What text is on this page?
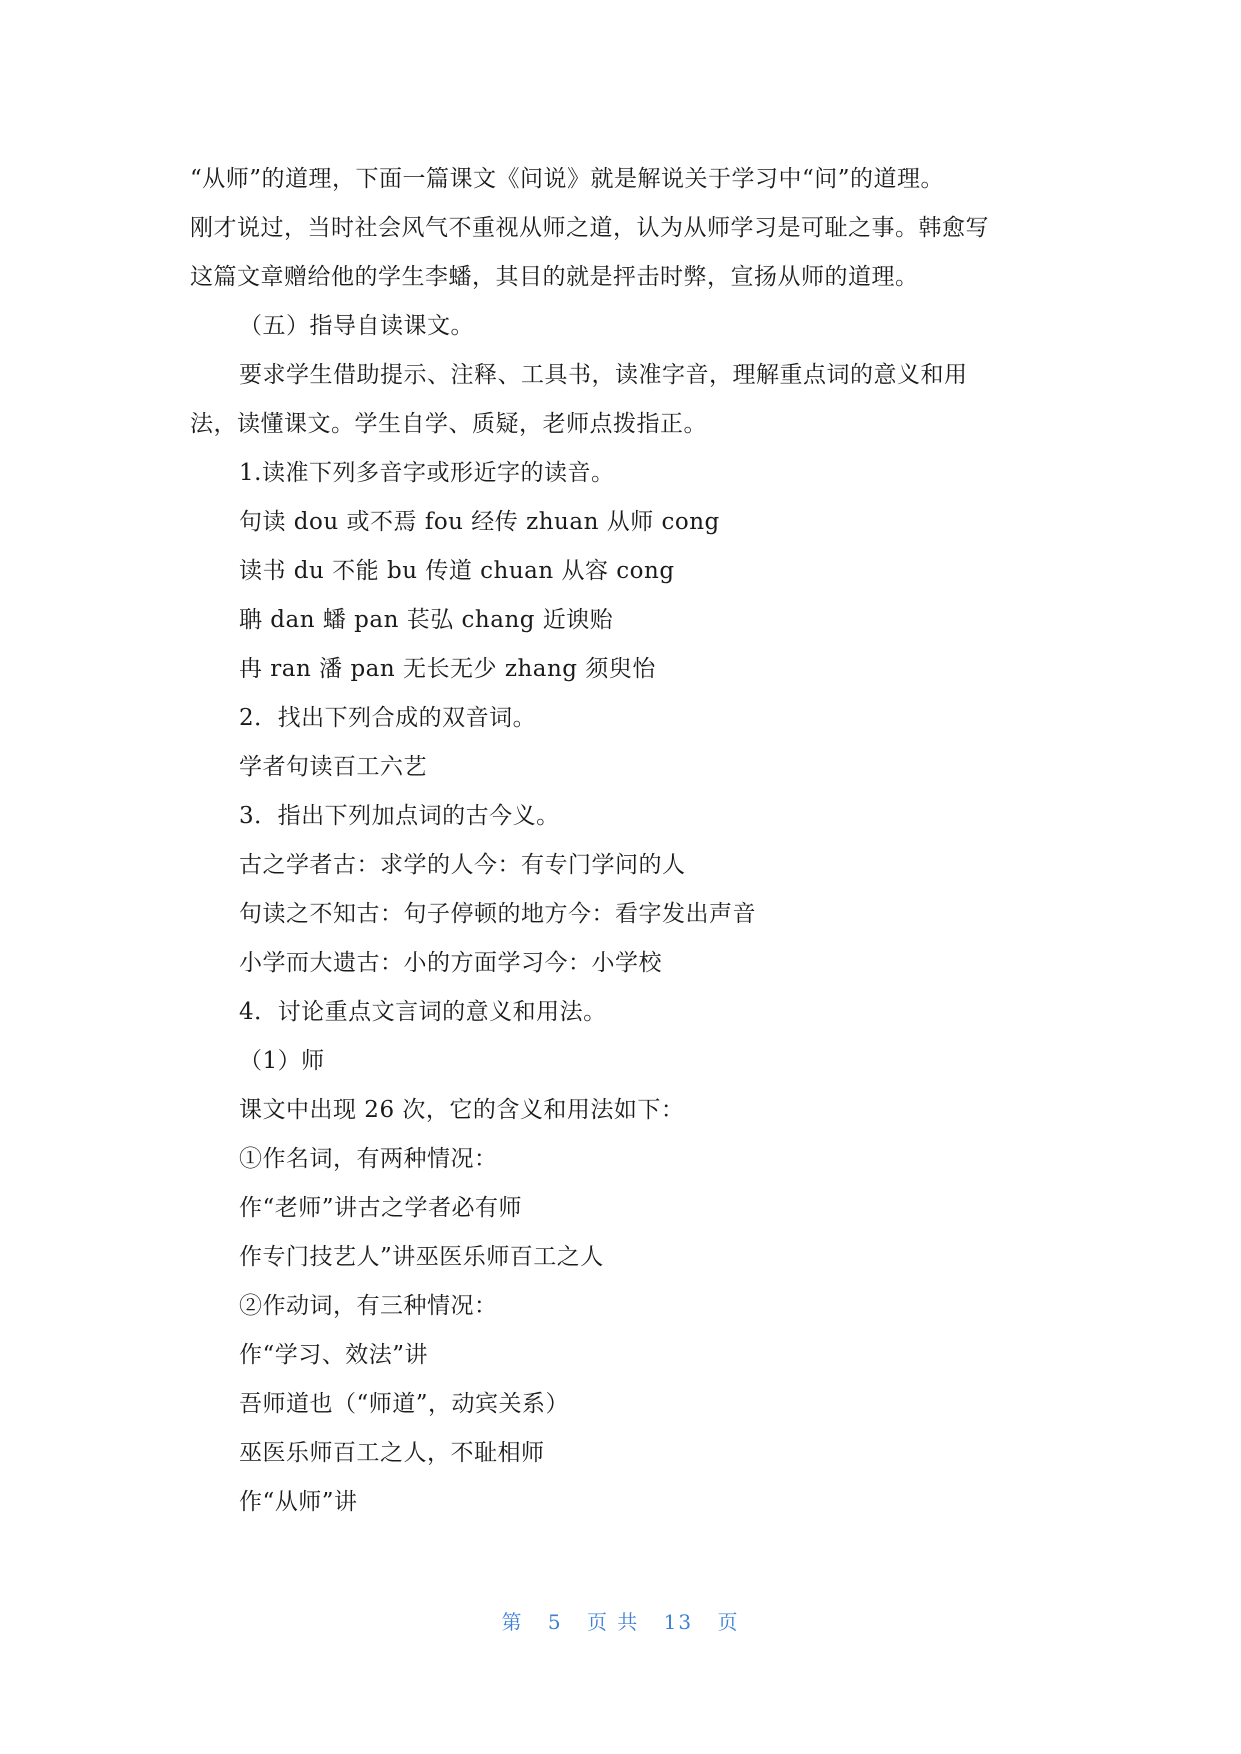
“从师”的道理，下面一篇课文《问说》就是解说关于学习中“问”的道理。
刚才说过，当时社会风气不重视从师之道，认为从师学习是可耻之事。韩愈写
这篇文章赠给他的学生李蟠，其目的就是抨击时弊，宣扬从师的道理。
（五）指导自读课文。
要求学生借助提示、注释、工具书，读准字音，理解重点词的意义和用
法，读懂课文。学生自学、质疑，老师点拨指正。
1.读准下列多音字或形近字的读音。
句读 dou 或不焉 fou 经传 zhuan 从师 cong
读书 du 不能 bu 传道 chuan 从容 cong
聃 dan 蟠 pan 苌弘 chang 近谀贻
冉 ran 潘 pan 无长无少 zhang 须臾怡
2．找出下列合成的双音词。
学者句读百工六艺
3．指出下列加点词的古今义。
古之学者古：求学的人今：有专门学问的人
句读之不知古：句子停顿的地方今：看字发出声音
小学而大遗古：小的方面学习今：小学校
4．讨论重点文言词的意义和用法。
（1）师
课文中出现 26 次，它的含义和用法如下：
①作名词，有两种情况：
作“老师”讲古之学者必有师
作专门技艺人”讲巫医乐师百工之人
②作动词，有三种情况：
作“学习、效法”讲
吾师道也（“师道”，动宾关系）
巫医乐师百工之人，不耻相师
作“从师”讲
第 5 页 共 13 页
